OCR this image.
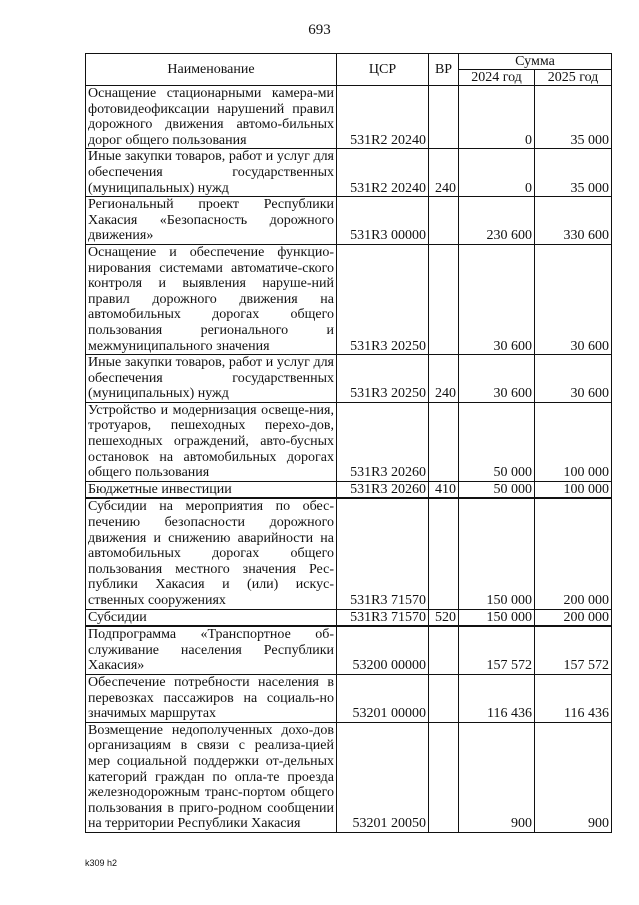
693
Наименование	ЦСР	ВР	Сумма	
			2024 год	2025 год
Оснащение стационарными камера-ми фотовидеофиксации нарушений правил дорожного движения автомо-бильных дорог общего пользования	531R2 20240		0	35 000
Иные закупки товаров, работ и услуг для обеспечения государственных (муниципальных) нужд	531R2 20240	240	0	35 000
Региональный проект Республики Хакасия «Безопасность дорожного движения»	531R3 00000		230 600	330 600
Оснащение и обеспечение функцио-нирования системами автоматиче-ского контроля и выявления наруше-ний правил дорожного движения на автомобильных дорогах общего пользования регионального и межмуниципального значения	531R3 20250		30 600	30 600
Иные закупки товаров, работ и услуг для обеспечения государственных (муниципальных) нужд	531R3 20250	240	30 600	30 600
Устройство и модернизация освеще-ния, тротуаров, пешеходных перехо-дов, пешеходных ограждений, авто-бусных остановок на автомобильных дорогах общего пользования	531R3 20260		50 000	100 000
Бюджетные инвестиции	531R3 20260	410	50 000	100 000
Субсидии на мероприятия по обес-печению безопасности дорожного движения и снижению аварийности на автомобильных дорогах общего пользования местного значения Рес-публики Хакасия и (или) искус-ственных сооружениях	531R3 71570		150 000	200 000
Субсидии	531R3 71570	520	150 000	200 000
Подпрограмма «Транспортное об-служивание населения Республики Хакасия»	53200 00000		157 572	157 572
Обеспечение потребности населения в перевозках пассажиров на социаль-но значимых маршрутах	53201 00000		116 436	116 436
Возмещение недополученных дохо-дов организациям в связи с реализа-цией мер социальной поддержки от-дельных категорий граждан по опла-те проезда железнодорожным транс-портом общего пользования в приго-родном сообщении на территории Республики Хакасия	53201 20050		900	900
k309 h2
